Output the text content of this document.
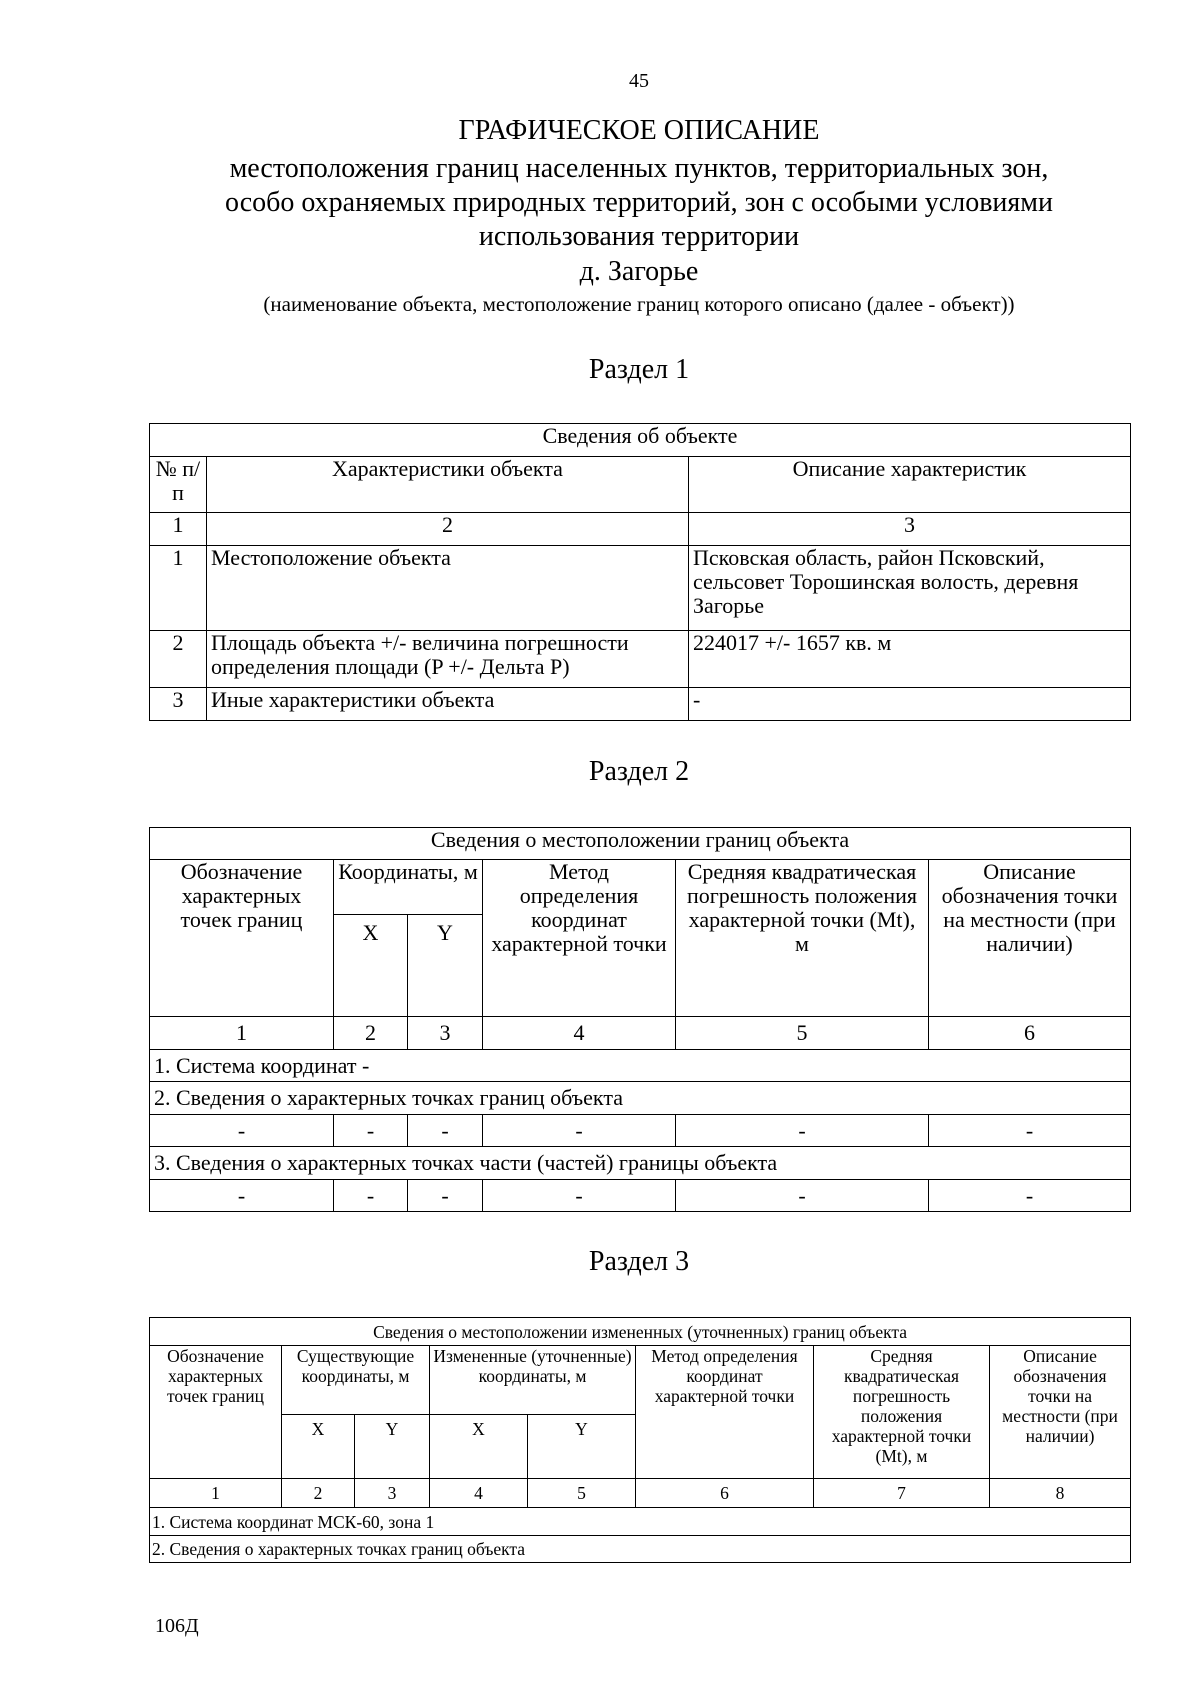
45
ГРАФИЧЕСКОЕ ОПИСАНИЕ
местоположения границ населенных пунктов, территориальных зон,
особо охраняемых природных территорий, зон с особыми условиями
использования территории
д. Загорье
(наименование объекта, местоположение границ которого описано (далее - объект))
Раздел 1
Сведения об объекте		
№ п/п	Характеристики объекта	Описание характеристик
1	2	3
1	Местоположение объекта	Псковская область, район Псковский, сельсовет Торошинская волость, деревня Загорье
2	Площадь объекта +/- величина погрешности определения площади (P +/- Дельта P)	224017 +/- 1657 кв. м
3	Иные характеристики объекта	-
Раздел 2
Сведения о местоположении границ объекта					
Обозначение характерных точек границ	Координаты, м		Метод определения координат характерной точки	Средняя квадратическая погрешность положения характерной точки (Mt), м	Описание обозначения точки на местности (при наличии)
	X	Y			
1	2	3	4	5	6
1. Система координат -					
2. Сведения о характерных точках границ объекта					
-	-	-	-	-	-
3. Сведения о характерных точках части (частей) границы объекта					
-	-	-	-	-	-
Раздел 3
Сведения о местоположении измененных (уточненных) границ объекта							
Обозначение характерных точек границ	Существующие координаты, м		Измененные (уточненные) координаты, м		Метод определения координат характерной точки	Средняя квадратическая погрешность положения характерной точки (Mt), м	Описание обозначения точки на местности (при наличии)
	X	Y	X	Y			
1	2	3	4	5	6	7	8
1. Система координат МСК-60, зона 1							
2. Сведения о характерных точках границ объекта							
106Д
